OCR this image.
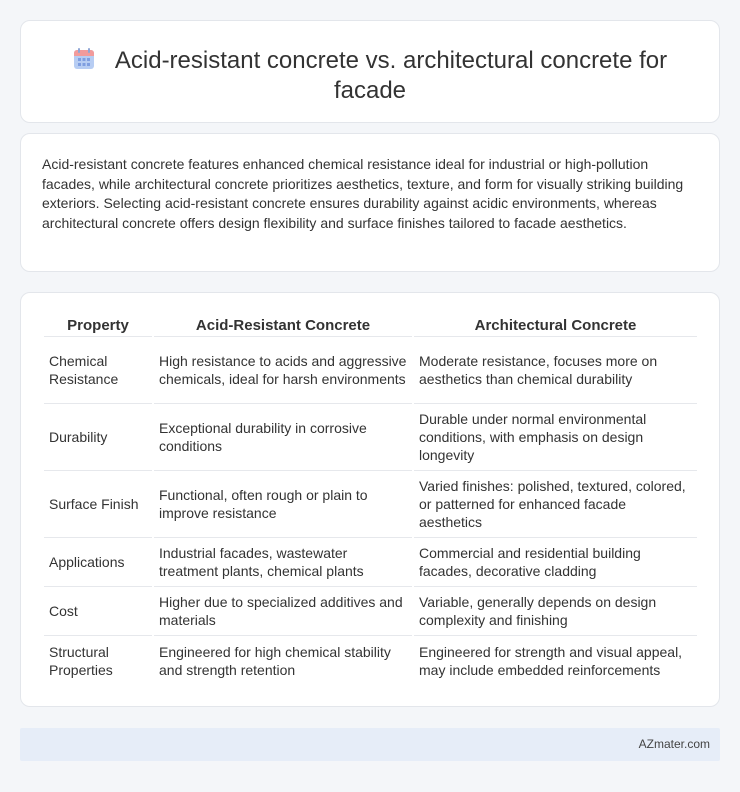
Acid-resistant concrete vs. architectural concrete for facade

Acid-resistant concrete features enhanced chemical resistance ideal for industrial or high-pollution facades, while architectural concrete prioritizes aesthetics, texture, and form for visually striking building exteriors. Selecting acid-resistant concrete ensures durability against acidic environments, whereas architectural concrete offers design flexibility and surface finishes tailored to facade aesthetics.

Property	Acid-Resistant Concrete	Architectural Concrete
Chemical Resistance	High resistance to acids and aggressive chemicals, ideal for harsh environments	Moderate resistance, focuses more on aesthetics than chemical durability
Durability	Exceptional durability in corrosive conditions	Durable under normal environmental conditions, with emphasis on design longevity
Surface Finish	Functional, often rough or plain to improve resistance	Varied finishes: polished, textured, colored, or patterned for enhanced facade aesthetics
Applications	Industrial facades, wastewater treatment plants, chemical plants	Commercial and residential building facades, decorative cladding
Cost	Higher due to specialized additives and materials	Variable, generally depends on design complexity and finishing
Structural Properties	Engineered for high chemical stability and strength retention	Engineered for strength and visual appeal, may include embedded reinforcements
AZmater.com
